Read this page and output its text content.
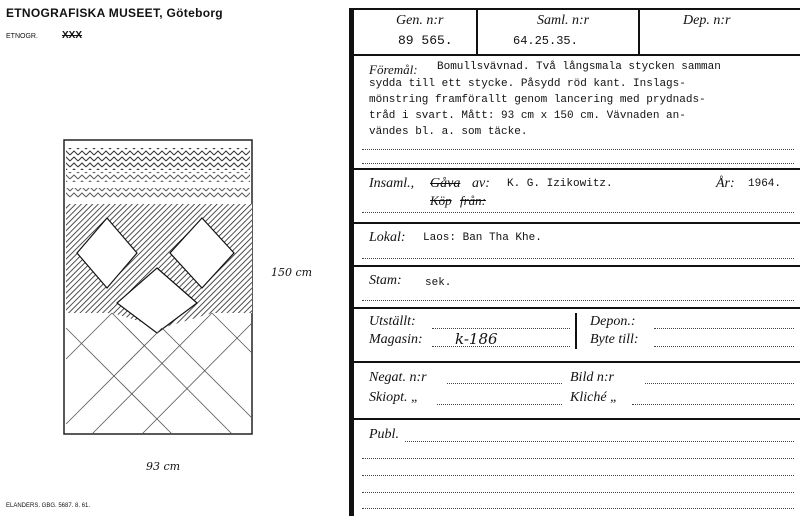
ETNOGRAFISKA MUSEET, Göteborg
ETNOGR. XXX
150 cm
93 cm
ELANDERS. GBG. 5687. 8. 61.
Gen. n:r
89 565.
Saml. n:r
64.25.35.
Dep. n:r
Föremål: Bomullsvävnad. Två långsmala stycken samman
sydda till ett stycke. Påsydd röd kant. Inslags-
mönstring framförallt genom lancering med prydnads-
tråd i svart. Mått: 93 cm x 150 cm. Vävnaden an-
vändes bl. a. som täcke.
Insaml., Gåva av: K. G. Izikowitz.	År: 1964.
Köp från:
Lokal: Laos: Ban Tha Khe.
Stam: sek.
Utställt:
Magasin: k-186
Depon.:
Byte till:
Negat. n:r	Bild n:r
Skiopt. „	Kliché „
Publ.
